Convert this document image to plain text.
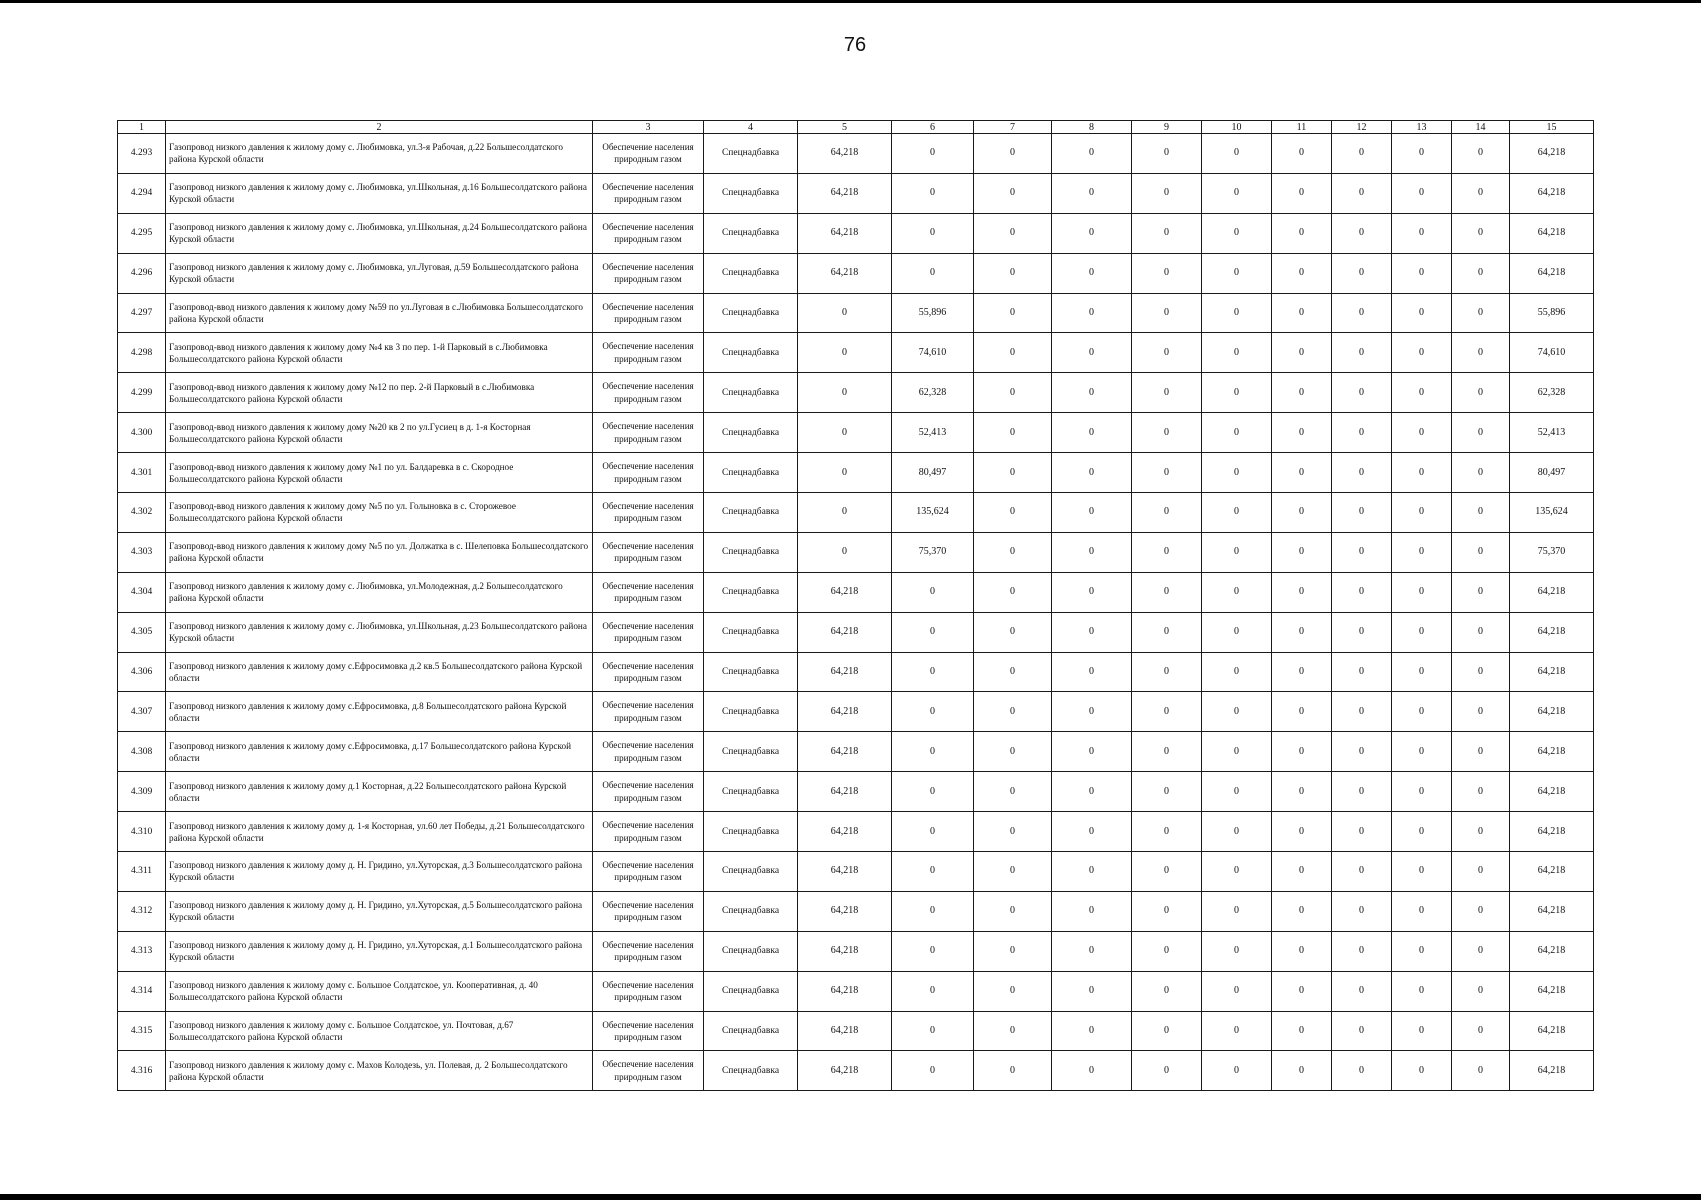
76
1	2	3	4	5	6	7	8	9	10	11	12	13	14	15
4.293	Газопровод низкого давления к жилому дому с. Любимовка, ул.3-я Рабочая, д.22 Большесолдатского района Курской области	Обеспечение населения природным газом	Спецнадбавка	64,218	0	0	0	0	0	0	0	0	0	64,218
4.294	Газопровод низкого давления к жилому дому с. Любимовка, ул.Школьная, д.16 Большесолдатского района Курской области	Обеспечение населения природным газом	Спецнадбавка	64,218	0	0	0	0	0	0	0	0	0	64,218
4.295	Газопровод низкого давления к жилому дому с. Любимовка, ул.Школьная, д.24 Большесолдатского района Курской области	Обеспечение населения природным газом	Спецнадбавка	64,218	0	0	0	0	0	0	0	0	0	64,218
4.296	Газопровод низкого давления к жилому дому с. Любимовка, ул.Луговая, д.59 Большесолдатского района Курской области	Обеспечение населения природным газом	Спецнадбавка	64,218	0	0	0	0	0	0	0	0	0	64,218
4.297	Газопровод-ввод низкого давления к жилому дому №59 по ул.Луговая в с.Любимовка Большесолдатского района Курской области	Обеспечение населения природным газом	Спецнадбавка	0	55,896	0	0	0	0	0	0	0	0	55,896
4.298	Газопровод-ввод низкого давления к жилому дому №4 кв 3 по пер. 1-й Парковый в с.Любимовка Большесолдатского района Курской области	Обеспечение населения природным газом	Спецнадбавка	0	74,610	0	0	0	0	0	0	0	0	74,610
4.299	Газопровод-ввод низкого давления к жилому дому №12 по пер. 2-й Парковый в с.Любимовка Большесолдатского района Курской области	Обеспечение населения природным газом	Спецнадбавка	0	62,328	0	0	0	0	0	0	0	0	62,328
4.300	Газопровод-ввод низкого давления к жилому дому №20 кв 2 по ул.Гусиец в д. 1-я Косторная Большесолдатского района Курской области	Обеспечение населения природным газом	Спецнадбавка	0	52,413	0	0	0	0	0	0	0	0	52,413
4.301	Газопровод-ввод низкого давления к жилому дому №1 по ул. Балдаревка в с. Скородное Большесолдатского района Курской области	Обеспечение населения природным газом	Спецнадбавка	0	80,497	0	0	0	0	0	0	0	0	80,497
4.302	Газопровод-ввод низкого давления к жилому дому №5 по ул. Голыновка в с. Сторожевое Большесолдатского района Курской области	Обеспечение населения природным газом	Спецнадбавка	0	135,624	0	0	0	0	0	0	0	0	135,624
4.303	Газопровод-ввод низкого давления к жилому дому №5 по ул. Должатка в с. Шелеповка Большесолдатского района Курской области	Обеспечение населения природным газом	Спецнадбавка	0	75,370	0	0	0	0	0	0	0	0	75,370
4.304	Газопровод низкого давления к жилому дому с. Любимовка, ул.Молодежная, д.2 Большесолдатского района Курской области	Обеспечение населения природным газом	Спецнадбавка	64,218	0	0	0	0	0	0	0	0	0	64,218
4.305	Газопровод низкого давления к жилому дому с. Любимовка, ул.Школьная, д.23 Большесолдатского района Курской области	Обеспечение населения природным газом	Спецнадбавка	64,218	0	0	0	0	0	0	0	0	0	64,218
4.306	Газопровод низкого давления к жилому дому с.Ефросимовка д.2 кв.5 Большесолдатского района Курской области	Обеспечение населения природным газом	Спецнадбавка	64,218	0	0	0	0	0	0	0	0	0	64,218
4.307	Газопровод низкого давления к жилому дому с.Ефросимовка, д.8 Большесолдатского района Курской области	Обеспечение населения природным газом	Спецнадбавка	64,218	0	0	0	0	0	0	0	0	0	64,218
4.308	Газопровод низкого давления к жилому дому с.Ефросимовка, д.17 Большесолдатского района Курской области	Обеспечение населения природным газом	Спецнадбавка	64,218	0	0	0	0	0	0	0	0	0	64,218
4.309	Газопровод низкого давления к жилому дому д.1 Косторная, д.22 Большесолдатского района Курской области	Обеспечение населения природным газом	Спецнадбавка	64,218	0	0	0	0	0	0	0	0	0	64,218
4.310	Газопровод низкого давления к жилому дому д. 1-я Косторная, ул.60 лет Победы, д.21 Большесолдатского района Курской области	Обеспечение населения природным газом	Спецнадбавка	64,218	0	0	0	0	0	0	0	0	0	64,218
4.311	Газопровод низкого давления к жилому дому д. Н. Гридино, ул.Хуторская, д.3 Большесолдатского района Курской области	Обеспечение населения природным газом	Спецнадбавка	64,218	0	0	0	0	0	0	0	0	0	64,218
4.312	Газопровод низкого давления к жилому дому д. Н. Гридино, ул.Хуторская, д.5 Большесолдатского района Курской области	Обеспечение населения природным газом	Спецнадбавка	64,218	0	0	0	0	0	0	0	0	0	64,218
4.313	Газопровод низкого давления к жилому дому д. Н. Гридино, ул.Хуторская, д.1 Большесолдатского района Курской области	Обеспечение населения природным газом	Спецнадбавка	64,218	0	0	0	0	0	0	0	0	0	64,218
4.314	Газопровод низкого давления к жилому дому с. Большое Солдатское, ул. Кооперативная, д. 40 Большесолдатского района Курской области	Обеспечение населения природным газом	Спецнадбавка	64,218	0	0	0	0	0	0	0	0	0	64,218
4.315	Газопровод низкого давления к жилому дому с. Большое Солдатское, ул. Почтовая, д.67 Большесолдатского района Курской области	Обеспечение населения природным газом	Спецнадбавка	64,218	0	0	0	0	0	0	0	0	0	64,218
4.316	Газопровод низкого давления к жилому дому с. Махов Колодезь, ул. Полевая, д. 2 Большесолдатского района Курской области	Обеспечение населения природным газом	Спецнадбавка	64,218	0	0	0	0	0	0	0	0	0	64,218
